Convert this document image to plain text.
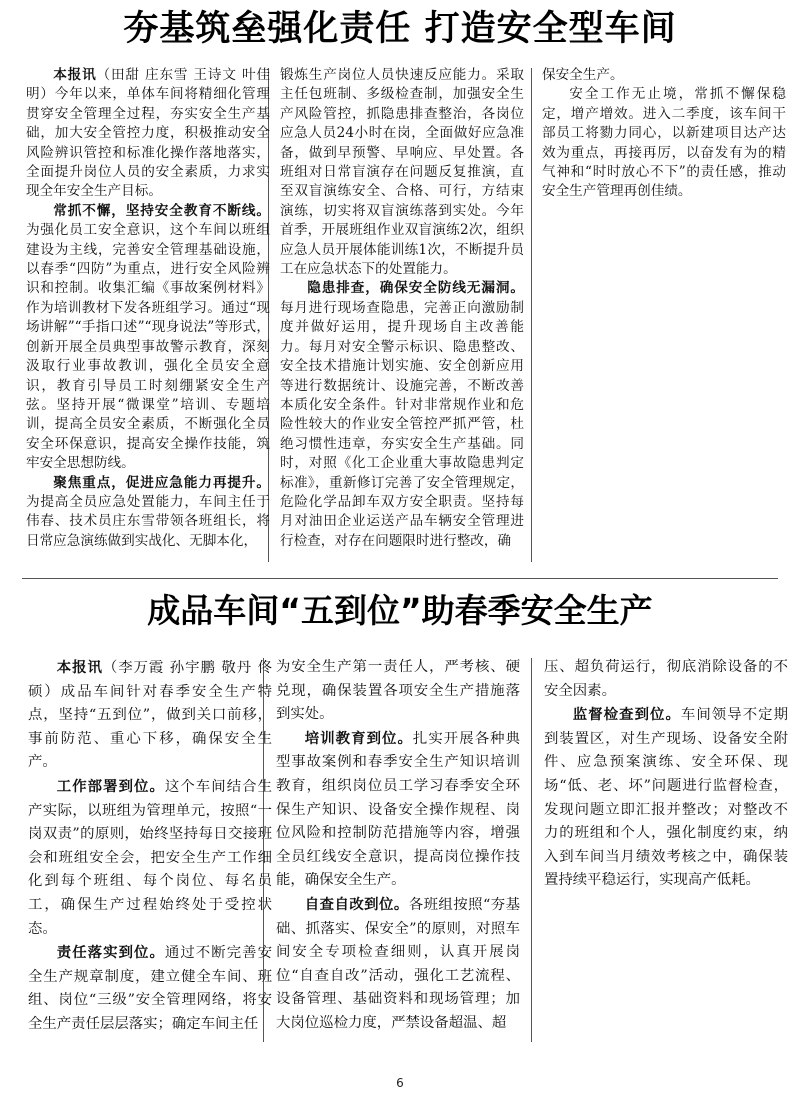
夯基筑垒强化责任 打造安全型车间

本报讯（田甜 庄东雪 王诗文 叶佳明）今年以来，单体车间将精细化管理贯穿安全管理全过程，夯实安全生产基础，加大安全管控力度，积极推动安全风险辨识管控和标准化操作落地落实，全面提升岗位人员的安全素质，力求实现全年安全生产目标。

常抓不懈，坚持安全教育不断线。为强化员工安全意识，这个车间以班组建设为主线，完善安全管理基础设施，以春季“四防”为重点，进行安全风险辨识和控制。收集汇编《事故案例材料》作为培训教材下发各班组学习。通过“现场讲解”“手指口述”“现身说法”等形式，创新开展全员典型事故警示教育，深刻汲取行业事故教训，强化全员安全意识，教育引导员工时刻绷紧安全生产弦。坚持开展“微课堂”培训、专题培训，提高全员安全素质，不断强化全员安全环保意识，提高安全操作技能，筑牢安全思想防线。

聚焦重点，促进应急能力再提升。为提高全员应急处置能力，车间主任于伟春、技术员庄东雪带领各班组长，将日常应急演练做到实战化、无脚本化，

锻炼生产岗位人员快速反应能力。采取主任包班制、多级检查制，加强安全生产风险管控，抓隐患排查整治，各岗位应急人员24小时在岗，全面做好应急准备，做到早预警、早响应、早处置。各班组对日常盲演存在问题反复推演，直至双盲演练安全、合格、可行，方结束演练，切实将双盲演练落到实处。今年首季，开展班组作业双盲演练2次，组织应急人员开展体能训练1次，不断提升员工在应急状态下的处置能力。

隐患排查，确保安全防线无漏洞。每月进行现场查隐患，完善正向激励制度并做好运用，提升现场自主改善能力。每月对安全警示标识、隐患整改、安全技术措施计划实施、安全创新应用等进行数据统计、设施完善，不断改善本质化安全条件。针对非常规作业和危险性较大的作业安全管控严抓严管，杜绝习惯性违章，夯实安全生产基础。同时，对照《化工企业重大事故隐患判定标准》，重新修订完善了安全管理规定，危险化学品卸车双方安全职责。坚持每月对油田企业运送产品车辆安全管理进行检查，对存在问题限时进行整改，确

保安全生产。

安全工作无止境，常抓不懈保稳定，增产增效。进入二季度，该车间干部员工将勠力同心，以新建项目达产达效为重点，再接再厉，以奋发有为的精气神和“时时放心不下”的责任感，推动安全生产管理再创佳绩。

成品车间“五到位”助春季安全生产

本报讯（李万霞 孙宇鹏 敬丹 佟硕）成品车间针对春季安全生产特点，坚持“五到位”，做到关口前移，事前防范、重心下移，确保安全生产。

工作部署到位。这个车间结合生产实际，以班组为管理单元，按照“一岗双责”的原则，始终坚持每日交接班会和班组安全会，把安全生产工作细化到每个班组、每个岗位、每名员工，确保生产过程始终处于受控状态。

责任落实到位。通过不断完善安全生产规章制度，建立健全车间、班组、岗位“三级”安全管理网络，将安全生产责任层层落实；确定车间主任

为安全生产第一责任人，严考核、硬兑现，确保装置各项安全生产措施落到实处。

培训教育到位。扎实开展各种典型事故案例和春季安全生产知识培训教育，组织岗位员工学习春季安全环保生产知识、设备安全操作规程、岗位风险和控制防范措施等内容，增强全员红线安全意识，提高岗位操作技能，确保安全生产。

自查自改到位。各班组按照“夯基础、抓落实、保安全”的原则，对照车间安全专项检查细则，认真开展岗位“自查自改”活动，强化工艺流程、设备管理、基础资料和现场管理；加大岗位巡检力度，严禁设备超温、超

压、超负荷运行，彻底消除设备的不安全因素。

监督检查到位。车间领导不定期到装置区，对生产现场、设备安全附件、应急预案演练、安全环保、现场“低、老、坏”问题进行监督检查，发现问题立即汇报并整改；对整改不力的班组和个人，强化制度约束，纳入到车间当月绩效考核之中，确保装置持续平稳运行，实现高产低耗。

6
